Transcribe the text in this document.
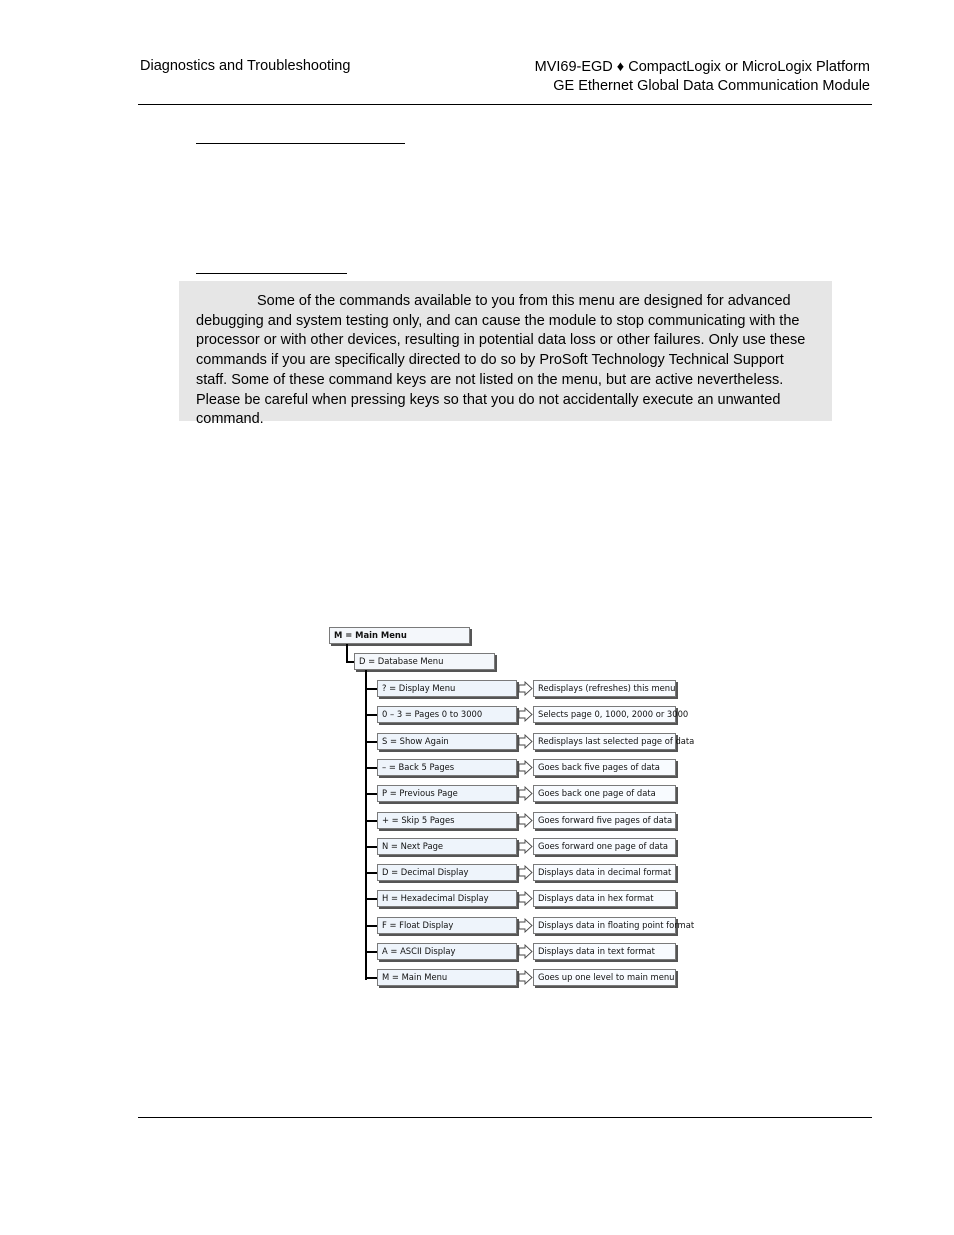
Diagnostics and Troubleshooting	MVI69-EGD ♦ CompactLogix or MicroLogix Platform
GE Ethernet Global Data Communication Module

Some of the commands available to you from this menu are designed for advanced debugging and system testing only, and can cause the module to stop communicating with the processor or with other devices, resulting in potential data loss or other failures. Only use these commands if you are specifically directed to do so by ProSoft Technology Technical Support staff. Some of these command keys are not listed on the menu, but are active nevertheless. Please be careful when pressing keys so that you do not accidentally execute an unwanted command.

M = Main Menu
D = Database Menu
? = Display Menu	Redisplays (refreshes) this menu
0 – 3 = Pages 0 to 3000	Selects page 0, 1000, 2000 or 3000
S = Show Again	Redisplays last selected page of data
– = Back 5 Pages	Goes back five pages of data
P = Previous Page	Goes back one page of data
+ = Skip 5 Pages	Goes forward five pages of data
N = Next Page	Goes forward one page of data
D = Decimal Display	Displays data in decimal format
H = Hexadecimal Display	Displays data in hex format
F = Float Display	Displays data in floating point format
A = ASCII Display	Displays data in text format
M = Main Menu	Goes up one level to main menu
